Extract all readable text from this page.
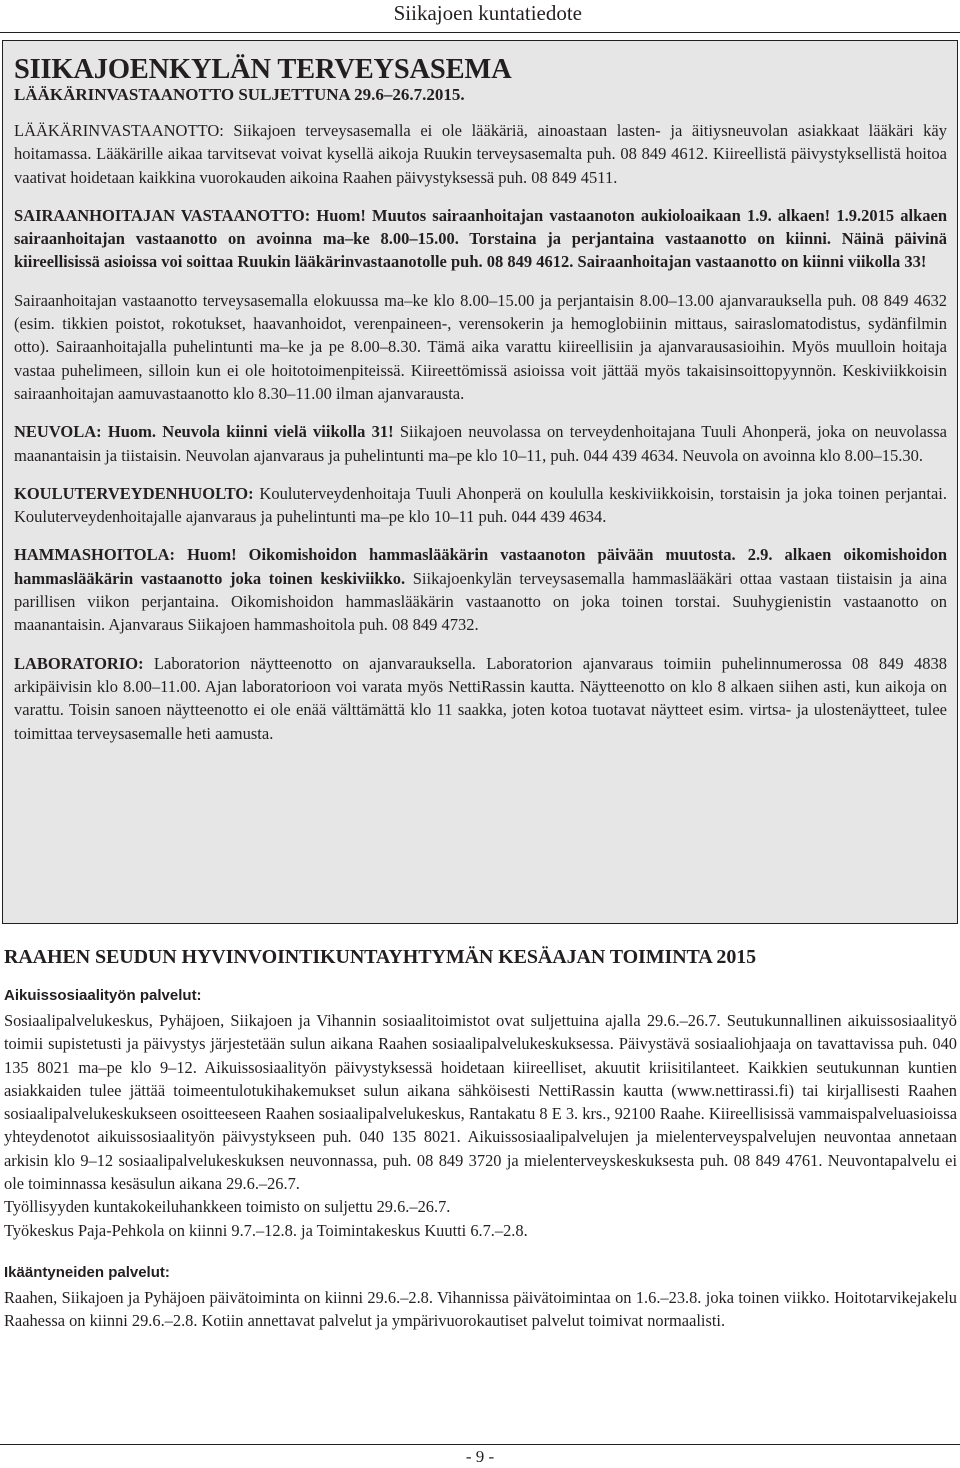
Siikajoen kuntatiedote
SIIKAJOENKYLÄN TERVEYSASEMA

LÄÄKÄRINVASTAANOTTO SULJETTUNA 29.6–26.7.2015.

LÄÄKÄRINVASTAANOTTO: Siikajoen terveysasemalla ei ole lääkäriä, ainoastaan lasten- ja äitiysneuvolan asiakkaat lääkäri käy hoitamassa. Lääkärille aikaa tarvitsevat voivat kysellä aikoja Ruukin terveysasemalta puh. 08 849 4612. Kiireellistä päivystyksellistä hoitoa vaativat hoidetaan kaikkina vuorokauden aikoina Raahen päivystyksessä puh. 08 849 4511.

SAIRAANHOITAJAN VASTAANOTTO: Huom! Muutos sairaanhoitajan vastaanoton aukioloaikaan 1.9. alkaen! 1.9.2015 alkaen sairaanhoitajan vastaanotto on avoinna ma–ke 8.00–15.00. Torstaina ja perjantaina vastaanotto on kiinni. Näinä päivinä kiireellisissä asioissa voi soittaa Ruukin lääkärinvastaanotolle puh. 08 849 4612. Sairaanhoitajan vastaanotto on kiinni viikolla 33!

Sairaanhoitajan vastaanotto terveysasemalla elokuussa ma–ke klo 8.00–15.00 ja perjantaisin 8.00–13.00 ajanvarauksella puh. 08 849 4632 (esim. tikkien poistot, rokotukset, haavanhoidot, verenpaineen-, verensokerin ja hemoglobiinin mittaus, sairaslomatodistus, sydänfilmin otto). Sairaanhoitajalla puhelintunti ma–ke ja pe 8.00–8.30. Tämä aika varattu kiireellisiin ja ajanvarausasioihin. Myös muulloin hoitaja vastaa puhelimeen, silloin kun ei ole hoitotoimenpiteissä. Kiireettömissä asioissa voit jättää myös takaisinsoittopyynnön. Keskiviikkoisin sairaanhoitajan aamuvastaanotto klo 8.30–11.00 ilman ajanvarausta.

NEUVOLA: Huom. Neuvola kiinni vielä viikolla 31! Siikajoen neuvolassa on terveydenhoitajana Tuuli Ahonperä, joka on neuvolassa maanantaisin ja tiistaisin. Neuvolan ajanvaraus ja puhelintunti ma–pe klo 10–11, puh. 044 439 4634. Neuvola on avoinna klo 8.00–15.30.

KOULUTERVEYDENHUOLTO: Kouluterveydenhoitaja Tuuli Ahonperä on koululla keskiviikkoisin, torstaisin ja joka toinen perjantai. Kouluterveydenhoitajalle ajanvaraus ja puhelintunti ma–pe klo 10–11 puh. 044 439 4634.

HAMMASHOITOLA: Huom! Oikomishoidon hammaslääkärin vastaanoton päivään muutosta. 2.9. alkaen oikomishoidon hammaslääkärin vastaanotto joka toinen keskiviikko. Siikajoenkylän terveysasemalla hammaslääkäri ottaa vastaan tiistaisin ja aina parillisen viikon perjantaina. Oikomishoidon hammaslääkärin vastaanotto on joka toinen torstai. Suuhygienistin vastaanotto on maanantaisin. Ajanvaraus Siikajoen hammashoitola puh. 08 849 4732.

LABORATORIO: Laboratorion näytteenotto on ajanvarauksella. Laboratorion ajanvaraus toimiin puhelinnumerossa 08 849 4838 arkipäivisin klo 8.00–11.00. Ajan laboratorioon voi varata myös NettiRassin kautta. Näytteenotto on klo 8 alkaen siihen asti, kun aikoja on varattu. Toisin sanoen näytteenotto ei ole enää välttämättä klo 11 saakka, joten kotoa tuotavat näytteet esim. virtsa- ja ulostenäytteet, tulee toimittaa terveysasemalle heti aamusta.

RAAHEN SEUDUN HYVINVOINTIKUNTAYHTYMÄN KESÄAJAN TOIMINTA 2015
Aikuissosiaalityön palvelut:

Sosiaalipalvelukeskus, Pyhäjoen, Siikajoen ja Vihannin sosiaalitoimistot ovat suljettuina ajalla 29.6.–26.7. Seutukunnallinen aikuissosiaalityö toimii supistetusti ja päivystys järjestetään sulun aikana Raahen sosiaalipalvelukeskuksessa. Päivystävä sosiaaliohjaaja on tavattavissa puh. 040 135 8021 ma–pe klo 9–12. Aikuissosiaalityön päivystyksessä hoidetaan kiireelliset, akuutit kriisitilanteet. Kaikkien seutukunnan kuntien asiakkaiden tulee jättää toimeentulotukihakemukset sulun aikana sähköisesti NettiRassin kautta (www.nettirassi.fi) tai kirjallisesti Raahen sosiaalipalvelukeskukseen osoitteeseen Raahen sosiaalipalvelukeskus, Rantakatu 8 E 3. krs., 92100 Raahe. Kiireellisissä vammaispalveluasioissa yhteydenotot aikuissosiaalityön päivystykseen puh. 040 135 8021. Aikuissosiaalipalvelujen ja mielenterveyspalvelujen neuvontaa annetaan arkisin klo 9–12 sosiaalipalvelukeskuksen neuvonnassa, puh. 08 849 3720 ja mielenterveyskeskuksesta puh. 08 849 4761. Neuvontapalvelu ei ole toiminnassa kesäsulun aikana 29.6.–26.7.

Työllisyyden kuntakokeiluhankkeen toimisto on suljettu 29.6.–26.7.

Työkeskus Paja-Pehkola on kiinni 9.7.–12.8. ja Toimintakeskus Kuutti 6.7.–2.8.

Ikääntyneiden palvelut:

Raahen, Siikajoen ja Pyhäjoen päivätoiminta on kiinni 29.6.–2.8. Vihannissa päivätoimintaa on 1.6.–23.8. joka toinen viikko. Hoitotarvikejakelu Raahessa on kiinni 29.6.–2.8. Kotiin annettavat palvelut ja ympärivuorokautiset palvelut toimivat normaalisti.

- 9 -
